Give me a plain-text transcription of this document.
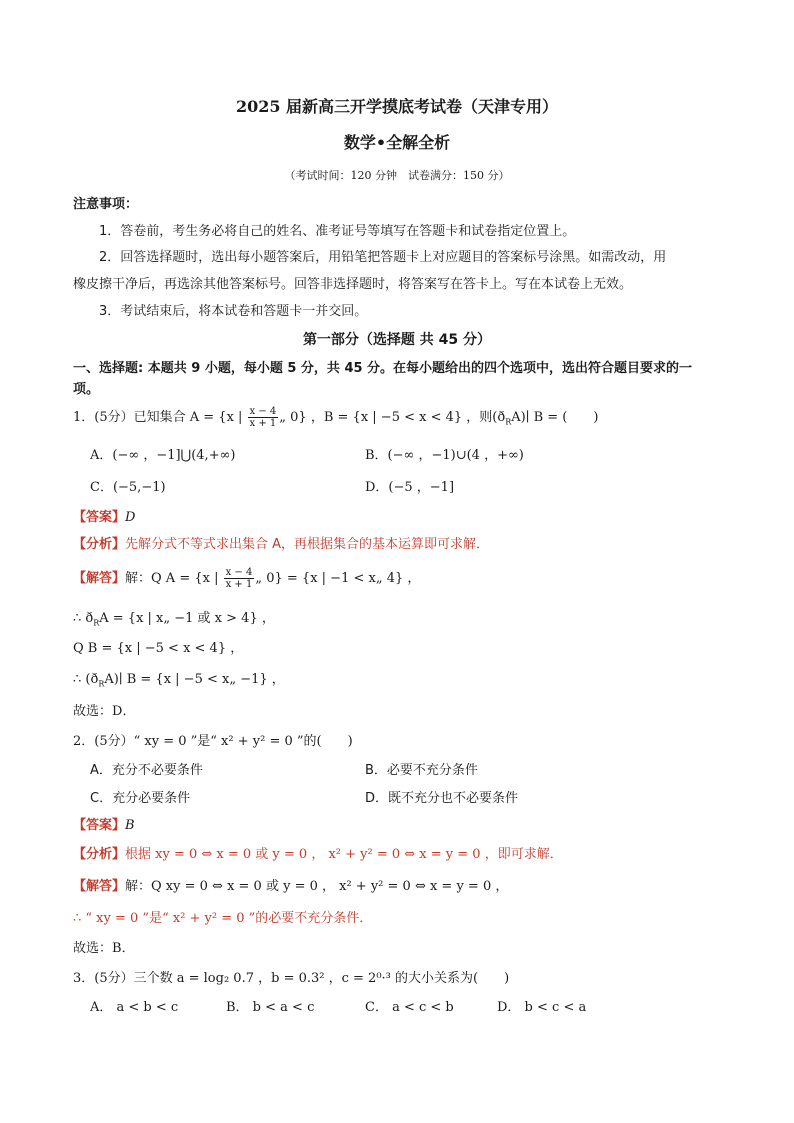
2025 届新高三开学摸底考试卷（天津专用）
数学•全解全析
（考试时间：120 分钟　试卷满分：150 分）
注意事项：
1．答卷前，考生务必将自己的姓名、准考证号等填写在答题卡和试卷指定位置上。
2．回答选择题时，选出每小题答案后，用铅笔把答题卡上对应题目的答案标号涂黑。如需改动，用
橡皮擦干净后，再选涂其他答案标号。回答非选择题时，将答案写在答卡上。写在本试卷上无效。
3．考试结束后，将本试卷和答题卡一并交回。
第一部分（选择题 共 45 分）
一、选择题: 本题共 9 小题，每小题 5 分，共 45 分。在每小题给出的四个选项中，选出符合题目要求的一
项。
1．(5分）已知集合 A = {x | $\frac{x - 4}{x + 1}$ „ 0} ，B = {x | −5 < x < 4} ，则$(ð_RA)∣$ B = (　　)
A．(−∞ ，−1]⋃(4,+∞)	B．(−∞ ，−1)∪(4 ，+∞)
C．(−5,−1)	D．(−5 ，−1]
【答案】D
【分析】先解分式不等式求出集合 A，再根据集合的基本运算即可求解．
【解答】解：Q A = {x | $\frac{x - 4}{x + 1}$ „ 0} = {x | −1 < x„ 4} ，
∴ $ð_RA = \{x$ | x„ −1 或 x > 4} ，
Q B = {x | −5 < x < 4} ，
∴ $(ð_RA)∣$ B = {x | −5 < x„ −1} ，
故选：D．
2．(5分）“ xy = 0 ”是“ x² + y² = 0 ”的(　　)
A．充分不必要条件	B．必要不充分条件
C．充分必要条件	D．既不充分也不必要条件
【答案】B
【分析】根据 xy = 0 ⇔ x = 0 或 y = 0 ， x² + y² = 0 ⇔ x = y = 0 ，即可求解．
【解答】解：Q xy = 0 ⇔ x = 0 或 y = 0 ， x² + y² = 0 ⇔ x = y = 0 ，
∴ “ xy = 0 ”是“ x² + y² = 0 ”的必要不充分条件．
故选：B．
3．(5分）三个数 a = log₂ 0.7 ，b = 0.3² ，c = 2⁰·³ 的大小关系为(　　)
A． a < b < c	B． b < a < c	C． a < c < b	D． b < c < a
